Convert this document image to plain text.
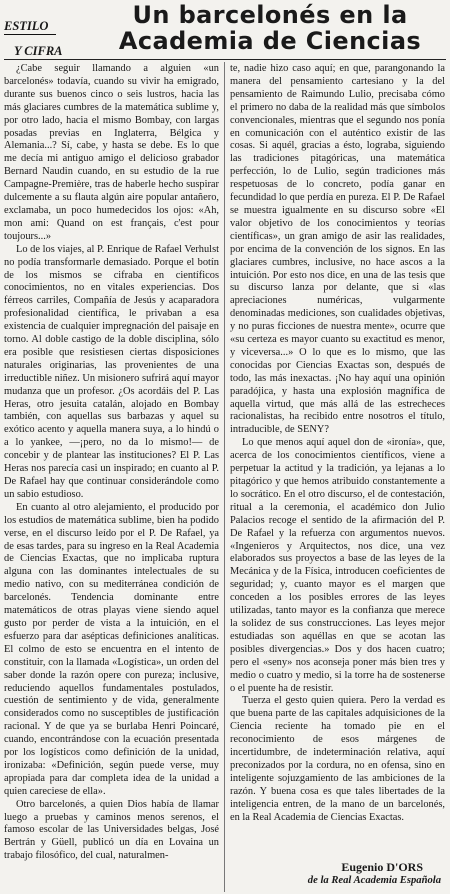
ESTILO
Y CIFRA
Un barcelonés en la
Academia de Ciencias

¿Cabe seguir llamando a alguien «un barcelonés» todavía, cuando su vivir ha emigrado, durante sus buenos cinco o seis lustros, hacia las más glaciares cumbres de la matemática sublime y, por otro lado, hacia el mismo Bombay, con largas posadas previas en Inglaterra, Bélgica y Alemania...? Sí, cabe, y hasta se debe. Es lo que me decía mi antiguo amigo el delicioso grabador Bernard Naudin cuando, en su estudio de la rue Campagne-Première, tras de haberle hecho suspirar dulcemente a su flauta algún aire popular antañero, exclamaba, un poco humedecidos los ojos: «Ah, mon ami: Quand on est français, c'est pour toujours...»

Lo de los viajes, al P. Enrique de Rafael Verhulst no podía transformarle demasiado. Porque el botín de los mismos se cifraba en científicos conocimientos, no en vitales experiencias. Dos férreos carriles, Compañía de Jesús y acaparadora profesionalidad científica, le privaban a esa existencia de cualquier impregnación del paisaje en torno. Al doble castigo de la doble disciplina, sólo era posible que resistiesen ciertas disposiciones naturales originarias, las provenientes de una irreductible niñez. Un misionero sufrirá aquí mayor mudanza que un profesor. ¿Os acordáis del P. Las Heras, otro jesuita catalán, alojado en Bombay también, con aquellas sus barbazas y aquel su exótico acento y aquella manera suya, a lo hindú o a lo yankee, —¡pero, no da lo mismo!— de concebir y de plantear las instituciones? El P. Las Heras nos parecía casi un inspirado; en cuanto al P. De Rafael hay que continuar considerándole como un sabio estudioso.

En cuanto al otro alejamiento, el producido por los estudios de matemática sublime, bien ha podido verse, en el discurso leído por el P. De Rafael, ya de esas tardes, para su ingreso en la Real Academia de Ciencias Exactas, que no implicaba ruptura alguna con las dominantes intelectuales de su medio nativo, con su mediterránea condición de barcelonés. Tendencia dominante entre matemáticos de otras playas viene siendo aquel gusto por perder de vista a la intuición, en el esfuerzo para dar asépticas definiciones analíticas. El colmo de esto se encuentra en el intento de constituir, con la llamada «Logística», un orden del saber donde la razón opere con pureza; inclusive, reduciendo aquellos fundamentales postulados, cuestión de sentimiento y de vida, generalmente considerados como no susceptibles de justificación racional. Y de que ya se burlaba Henri Poincaré, cuando, encontrándose con la ecuación presentada por los logísticos como definición de la unidad, ironizaba: «Definición, según puede verse, muy apropiada para dar completa idea de la unidad a quien careciese de ella».

Otro barcelonés, a quien Dios había de llamar luego a pruebas y caminos menos serenos, el famoso escolar de las Universidades belgas, José Bertrán y Güell, publicó un día en Lovaina un trabajo filosófico, del cual, naturalmen-

te, nadie hizo caso aquí; en que, parangonando la manera del pensamiento cartesiano y la del pensamiento de Raimundo Lulio, precisaba cómo el primero no daba de la realidad más que símbolos convencionales, mientras que el segundo nos ponía en comunicación con el auténtico existir de las cosas. Si aquél, gracias a ésto, lograba, siguiendo las tradiciones pitagóricas, una matemática perfección, lo de Lulio, según tradiciones más respetuosas de lo concreto, podía ganar en fecundidad lo que perdía en pureza. El P. De Rafael se muestra igualmente en su discurso sobre «El valor objetivo de los conocimientos y teorías científicas», un gran amigo de asir las realidades, por encima de la convención de los signos. En las glaciares cumbres, inclusive, no hace ascos a la intuición. Por esto nos dice, en una de las tesis que su discurso lanza por delante, que si «las apreciaciones numéricas, vulgarmente denominadas mediciones, son cualidades objetivas, y no puras ficciones de nuestra mente», ocurre que «su certeza es mayor cuanto su exactitud es menor, y viceversa...» O lo que es lo mismo, que las conocidas por Ciencias Exactas son, después de todo, las más inexactas. ¡No hay aquí una opinión paradójica, y hasta una explosión magnífica de aquella virtud, que más allá de las estrecheces racionalistas, ha recibido entre nosotros el título, intraducible, de SENY?

Lo que menos aquí aquel don de «ironía», que, acerca de los conocimientos científicos, viene a perpetuar la actitud y la tradición, ya lejanas a lo pitagórico y que hemos atribuido constantemente a lo socrático. En el otro discurso, el de contestación, ritual a la ceremonia, el académico don Julio Palacios recoge el sentido de la afirmación del P. De Rafael y la refuerza con argumentos nuevos. «Ingenieros y Arquitectos, nos dice, una vez elaborados sus proyectos a base de las leyes de la Mecánica y de la Física, introducen coeficientes de seguridad; y, cuanto mayor es el margen que conceden a los posibles errores de las leyes utilizadas, tanto mayor es la confianza que merece la solidez de sus construcciones. Las leyes mejor estudiadas son aquéllas en que se acotan las posibles divergencias.» Dos y dos hacen cuatro; pero el «seny» nos aconseja poner más bien tres y medio o cuatro y medio, si la torre ha de sostenerse o el puente ha de resistir.

Tuerza el gesto quien quiera. Pero la verdad es que buena parte de las capitales adquisiciones de la Ciencia reciente ha tomado pie en el reconocimiento de esos márgenes de incertidumbre, de indeterminación relativa, aquí preconizados por la cordura, no en ofensa, sino en inteligente sojuzgamiento de las ambiciones de la razón. Y buena cosa es que tales libertades de la inteligencia entren, de la mano de un barcelonés, en la Real Academia de Ciencias Exactas.

Eugenio D'ORS
de la Real Academia Española
